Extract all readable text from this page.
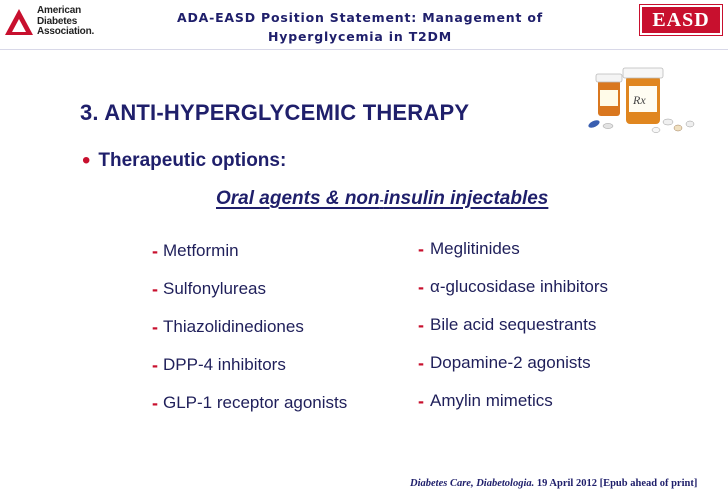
American
Diabetes
Association.
ADA-EASD Position Statement: Management of
Hyperglycemia in T2DM
EASD
Rx
3. ANTI-HYPERGLYCEMIC THERAPY
• Therapeutic options:
Oral agents & non-insulin injectables
- Metformin
- Sulfonylureas
- Thiazolidinediones
- DPP-4 inhibitors
- GLP-1 receptor agonists
- Meglitinides
- α-glucosidase inhibitors
- Bile acid sequestrants
- Dopamine-2 agonists
- Amylin mimetics
Diabetes Care, Diabetologia. 19 April 2012 [Epub ahead of print]
